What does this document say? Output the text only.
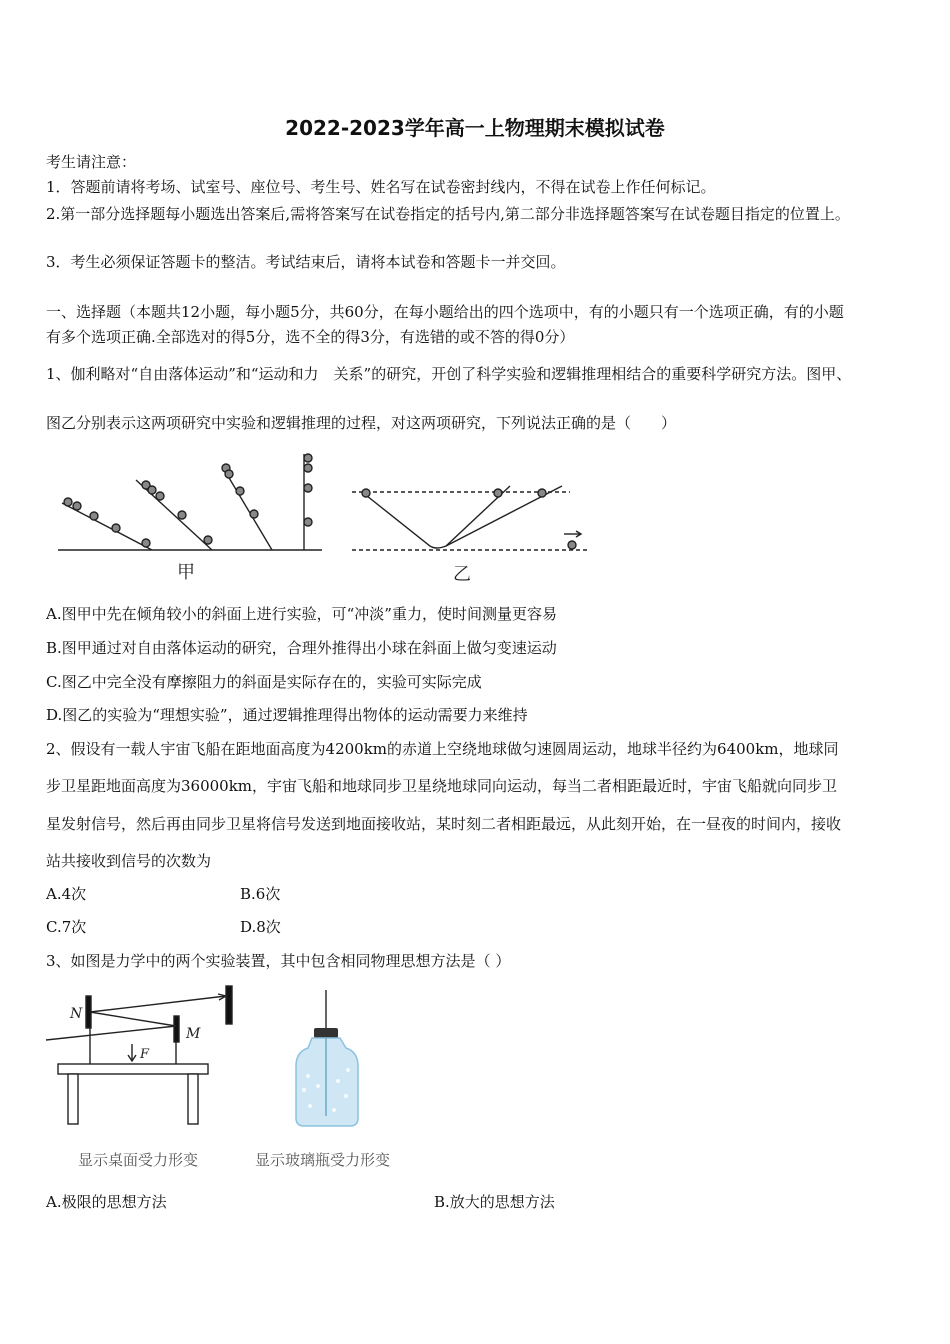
2022-2023学年高一上物理期末模拟试卷
考生请注意：
1．答题前请将考场、试室号、座位号、考生号、姓名写在试卷密封线内，不得在试卷上作任何标记。
2.第一部分选择题每小题选出答案后,需将答案写在试卷指定的括号内,第二部分非选择题答案写在试卷题目指定的位置上。
3．考生必须保证答题卡的整洁。考试结束后，请将本试卷和答题卡一并交回。
一、选择题（本题共12小题，每小题5分，共60分，在每小题给出的四个选项中，有的小题只有一个选项正确，有的小题
有多个选项正确.全部选对的得5分，选不全的得3分，有选错的或不答的得0分）
1、伽利略对“自由落体运动”和“运动和力　关系”的研究，开创了科学实验和逻辑推理相结合的重要科学研究方法。图甲、
图乙分别表示这两项研究中实验和逻辑推理的过程，对这两项研究，下列说法正确的是（　　）
甲	乙
A.图甲中先在倾角较小的斜面上进行实验，可“冲淡”重力，使时间测量更容易
B.图甲通过对自由落体运动的研究，合理外推得出小球在斜面上做匀变速运动
C.图乙中完全没有摩擦阻力的斜面是实际存在的，实验可实际完成
D.图乙的实验为“理想实验”，通过逻辑推理得出物体的运动需要力来维持
2、假设有一载人宇宙飞船在距地面高度为4200km的赤道上空绕地球做匀速圆周运动，地球半径约为6400km，地球同
步卫星距地面高度为36000km，宇宙飞船和地球同步卫星绕地球同向运动，每当二者相距最近时，宇宙飞船就向同步卫
星发射信号，然后再由同步卫星将信号发送到地面接收站，某时刻二者相距最远，从此刻开始，在一昼夜的时间内，接收
站共接收到信号的次数为
A.4次	B.6次
C.7次	D.8次
3、如图是力学中的两个实验装置，其中包含相同物理思想方法是（ ）
N
M
F
显示桌面受力形变	显示玻璃瓶受力形变
A.极限的思想方法	B.放大的思想方法
